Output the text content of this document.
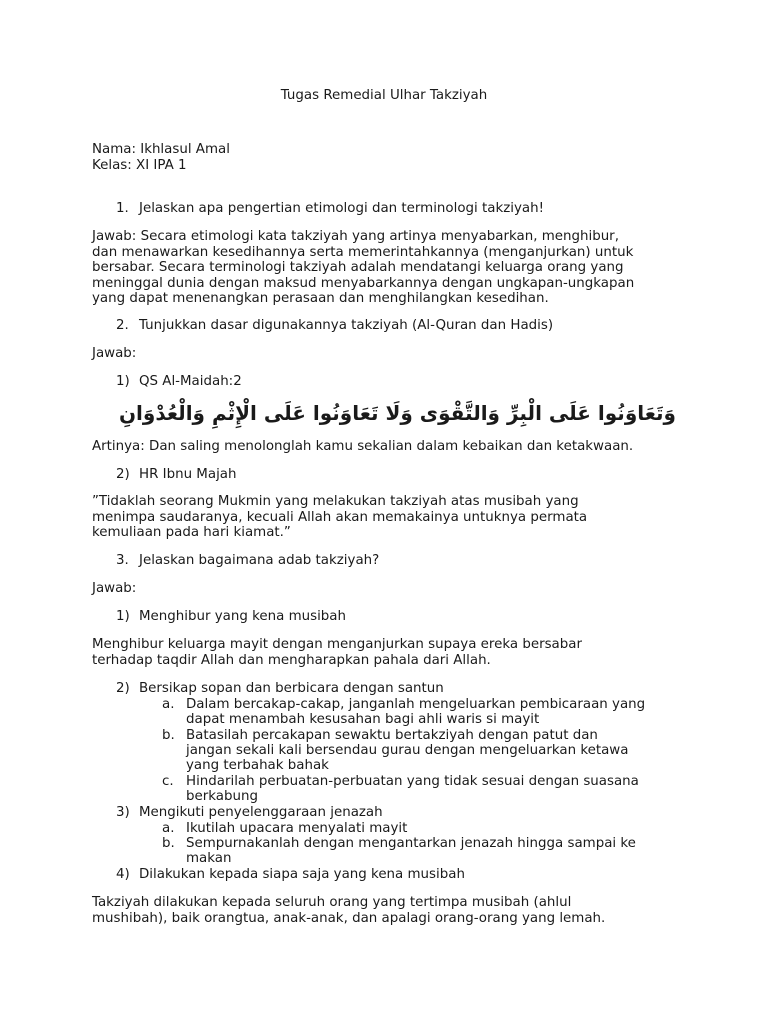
Tugas Remedial Ulhar Takziyah
Nama: Ikhlasul Amal
Kelas: XI IPA 1
1. Jelaskan apa pengertian etimologi dan terminologi takziyah!
Jawab: Secara etimologi kata takziyah yang artinya menyabarkan, menghibur,
dan menawarkan kesedihannya serta memerintahkannya (menganjurkan) untuk
bersabar. Secara terminologi takziyah adalah mendatangi keluarga orang yang
meninggal dunia dengan maksud menyabarkannya dengan ungkapan-ungkapan
yang dapat menenangkan perasaan dan menghilangkan kesedihan.
2. Tunjukkan dasar digunakannya takziyah (Al-Quran dan Hadis)
Jawab:
1) QS Al-Maidah:2
وَتَعَاوَنُوا عَلَى الْبِرِّ وَالتَّقْوَى وَلَا تَعَاوَنُوا عَلَى الْإِثْمِ وَالْعُدْوَانِ
Artinya: Dan saling menolonglah kamu sekalian dalam kebaikan dan ketakwaan.
2) HR Ibnu Majah
”Tidaklah seorang Mukmin yang melakukan takziyah atas musibah yang
menimpa saudaranya, kecuali Allah akan memakainya untuknya permata
kemuliaan pada hari kiamat.”
3. Jelaskan bagaimana adab takziyah?
Jawab:
1) Menghibur yang kena musibah
Menghibur keluarga mayit dengan menganjurkan supaya ereka bersabar
terhadap taqdir Allah dan mengharapkan pahala dari Allah.
2) Bersikap sopan dan berbicara dengan santun
a. Dalam bercakap-cakap, janganlah mengeluarkan pembicaraan yang
dapat menambah kesusahan bagi ahli waris si mayit
b. Batasilah percakapan sewaktu bertakziyah dengan patut dan
jangan sekali kali bersendau gurau dengan mengeluarkan ketawa
yang terbahak bahak
c. Hindarilah perbuatan-perbuatan yang tidak sesuai dengan suasana
berkabung
3) Mengikuti penyelenggaraan jenazah
a. Ikutilah upacara menyalati mayit
b. Sempurnakanlah dengan mengantarkan jenazah hingga sampai ke
makan
4) Dilakukan kepada siapa saja yang kena musibah
Takziyah dilakukan kepada seluruh orang yang tertimpa musibah (ahlul
mushibah), baik orangtua, anak-anak, dan apalagi orang-orang yang lemah.
